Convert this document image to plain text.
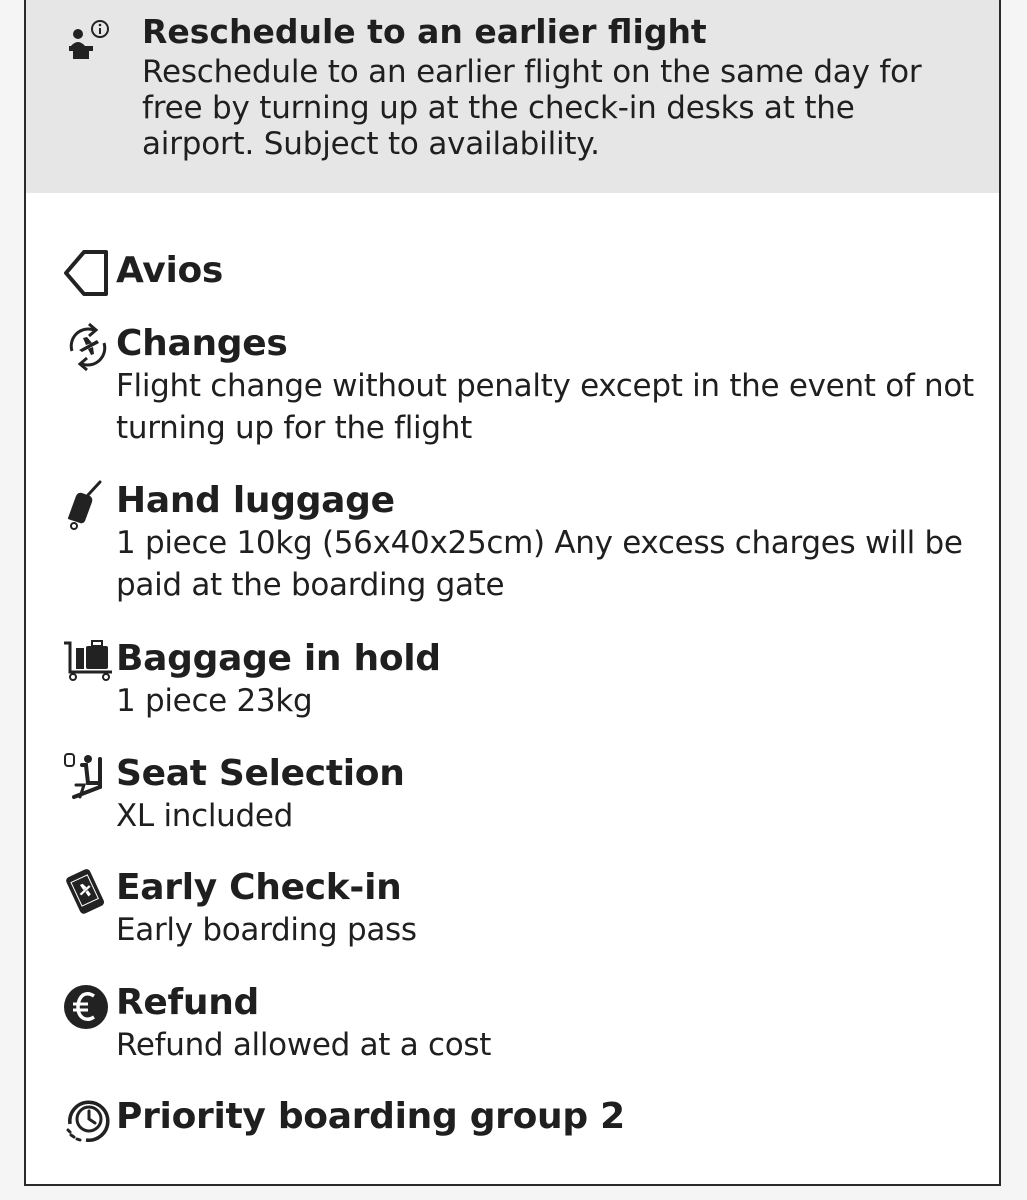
Reschedule to an earlier flight
Reschedule to an earlier flight on the same day for free by turning up at the check-in desks at the airport. Subject to availability.
Avios
Changes
Flight change without penalty except in the event of not turning up for the flight
Hand luggage
1 piece 10kg (56x40x25cm) Any excess charges will be paid at the boarding gate
Baggage in hold
1 piece 23kg
Seat Selection
XL included
Early Check-in
Early boarding pass
Refund
Refund allowed at a cost
Priority boarding group 2
